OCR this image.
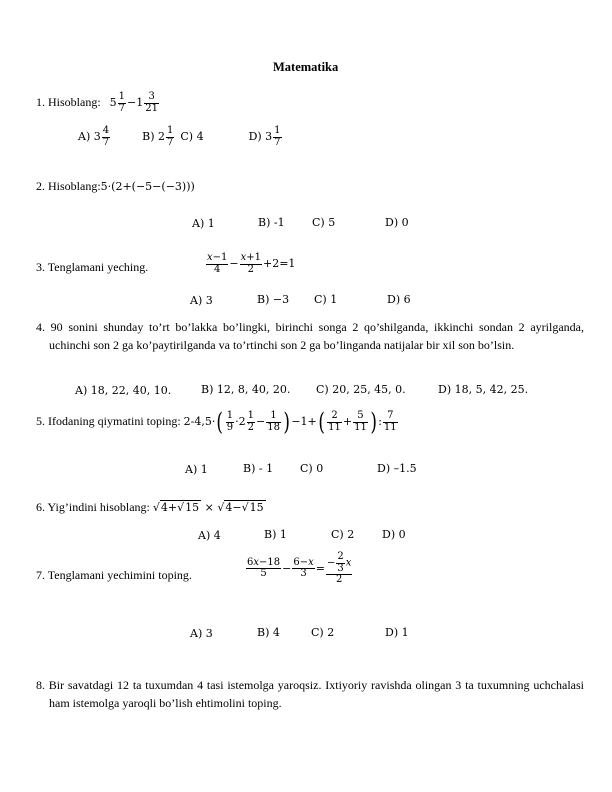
Matematika
1. Hisoblang: $5 \frac{1}{7} -1 \frac{3}{21}$
A) $3 \frac{4}{7}$	B) $2 \frac{1}{7} C$) 4	D) $3 \frac{1}{7}$
2. Hisoblang:5·(2+(−5−(−3)))
A) 1	B) -1 C) 5	D) 0
3. Tenglamani yeching.	$\frac{x-1}{4} - \frac{x+1}{2} +2=1$
A) 3	B) −3 C) 1	D) 6
4. 90 sonini shunday to’rt bo’lakka bo’lingki, birinchi songa 2 qo’shilganda, ikkinchi sondan 2 ayrilganda, uchinchi son 2 ga ko’paytirilganda va to’rtinchi son 2 ga bo’linganda natijalar bir xil son bo’lsin.
A) 18, 22, 40, 10.	B) 12, 8, 40, 20. C) 20, 25, 45, 0.	D) 18, 5, 42, 25.
5. Ifodaning qiymatini toping: $2-4,5\cdot( \frac{1}{9} \cdot 2 \frac{1}{2} - \frac{1}{18} )-1+( \frac{2}{11} + \frac{5}{11}$ ): $\frac{7}{11}$
A) 1	B) - 1 C) 0	D) –1.5
6. Yig’indini hisoblang: √4+√15 × √4−√15
A) 4	B) 1	C) 2	D) 0
7. Tenglamani yechimini toping.	$\frac{6x-18}{5} - \frac{6-x}{3} = \frac{- \frac{2}{3} x}{2}$
A) 3	B) 4	C) 2	D) 1
8. Bir savatdagi 12 ta tuxumdan 4 tasi istemolga yaroqsiz. Ixtiyoriy ravishda olingan 3 ta tuxumning uchchalasi ham istemolga yaroqli bo’lish ehtimolini toping.
